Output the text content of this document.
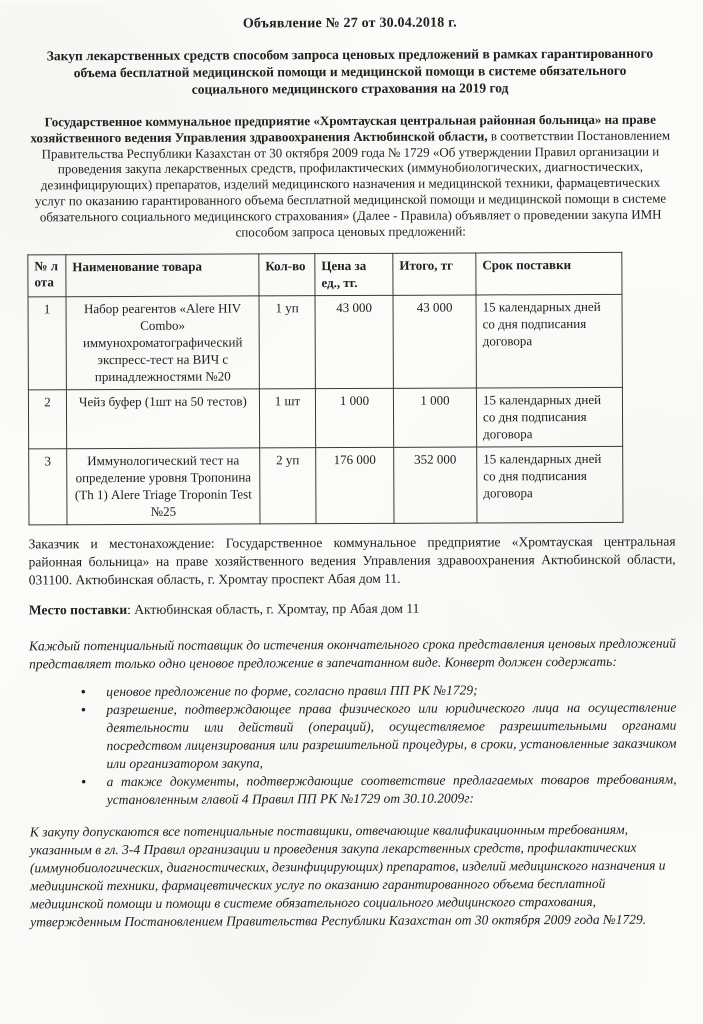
Объявление № 27 от 30.04.2018 г.

Закуп лекарственных средств способом запроса ценовых предложений в рамках гарантированного объема бесплатной медицинской помощи и медицинской помощи в системе обязательного социального медицинского страхования на 2019 год

Государственное коммунальное предприятие «Хромтауская центральная районная больница» на праве хозяйственного ведения Управления здравоохранения Актюбинской области, в соответствии Постановлением Правительства Республики Казахстан от 30 октября 2009 года № 1729 «Об утверждении Правил организации и проведения закупа лекарственных средств, профилактических (иммунобиологических, диагностических, дезинфицирующих) препаратов, изделий медицинского назначения и медицинской техники, фармацевтических услуг по оказанию гарантированного объема бесплатной медицинской помощи и медицинской помощи в системе обязательного социального медицинского страхования» (Далее - Правила) объявляет о проведении закупа ИМН способом запроса ценовых предложений:

№ лота	Наименование товара	Кол-во	Цена за ед., тг.	Итого, тг	Срок поставки
1	Набор реагентов «Alere HIV Combo» иммунохроматографический экспресс-тест на ВИЧ с принадлежностями №20	1 уп	43 000	43 000	15 календарных дней со дня подписания договора
2	Чейз буфер (1шт на 50 тестов)	1 шт	1 000	1 000	15 календарных дней со дня подписания договора
3	Иммунологический тест на определение уровня Тропонина (Th 1) Alere Triage Troponin Test №25	2 уп	176 000	352 000	15 календарных дней со дня подписания договора

Заказчик и местонахождение: Государственное коммунальное предприятие «Хромтауская центральная районная больница» на праве хозяйственного ведения Управления здравоохранения Актюбинской области, 031100. Актюбинская область, г. Хромтау проспект Абая дом 11.

Место поставки: Актюбинская область, г. Хромтау, пр Абая дом 11

Каждый потенциальный поставщик до истечения окончательного срока представления ценовых предложений представляет только одно ценовое предложение в запечатанном виде. Конверт должен содержать:

•
ценовое предложение по форме, согласно правил ПП РК №1729;
•
разрешение, подтверждающее права физического или юридического лица на осуществление деятельности или действий (операций), осуществляемое разрешительными органами посредством лицензирования или разрешительной процедуры, в сроки, установленные заказчиком или организатором закупа,
•
а также документы, подтверждающие соответствие предлагаемых товаров требованиям, установленным главой 4 Правил ПП РК №1729 от 30.10.2009г:

К закупу допускаются все потенциальные поставщики, отвечающие квалификационным требованиям, указанным в гл. 3-4 Правил организации и проведения закупа лекарственных средств, профилактических (иммунобиологических, диагностических, дезинфицирующих) препаратов, изделий медицинского назначения и медицинской техники, фармацевтических услуг по оказанию гарантированного объема бесплатной медицинской помощи и помощи в системе обязательного социального медицинского страхования, утвержденным Постановлением Правительства Республики Казахстан от 30 октября 2009 года №1729.
